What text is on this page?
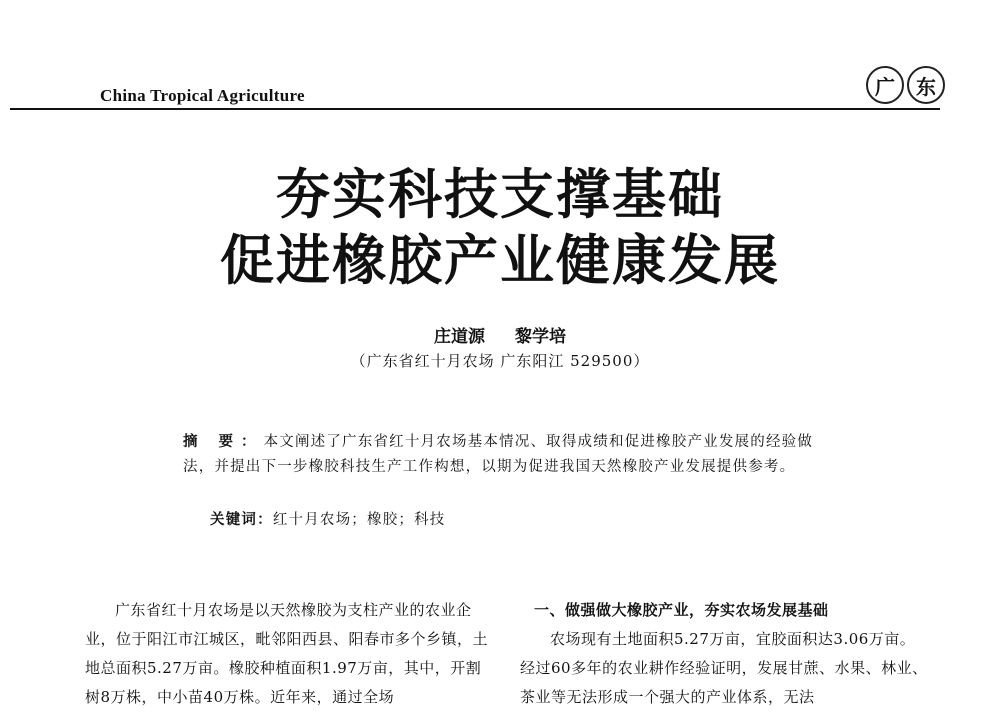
China Tropical Agriculture	广	东
夯实科技支撑基础
促进橡胶产业健康发展
庄道源 黎学培
（广东省红十月农场 广东阳江 529500）
摘 要：本文阐述了广东省红十月农场基本情况、取得成绩和促进橡胶产业发展的经验做法，并提出下一步橡胶科技生产工作构想，以期为促进我国天然橡胶产业发展提供参考。
关键词：红十月农场；橡胶；科技

广东省红十月农场是以天然橡胶为支柱产业的农业企业，位于阳江市江城区，毗邻阳西县、阳春市多个乡镇，土地总面积5.27万亩。橡胶种植面积1.97万亩，其中，开割树8万株，中小苗40万株。近年来，通过全场

一、做强做大橡胶产业，夯实农场发展基础

农场现有土地面积5.27万亩，宜胶面积达3.06万亩。经过60多年的农业耕作经验证明，发展甘蔗、水果、林业、茶业等无法形成一个强大的产业体系，无法
